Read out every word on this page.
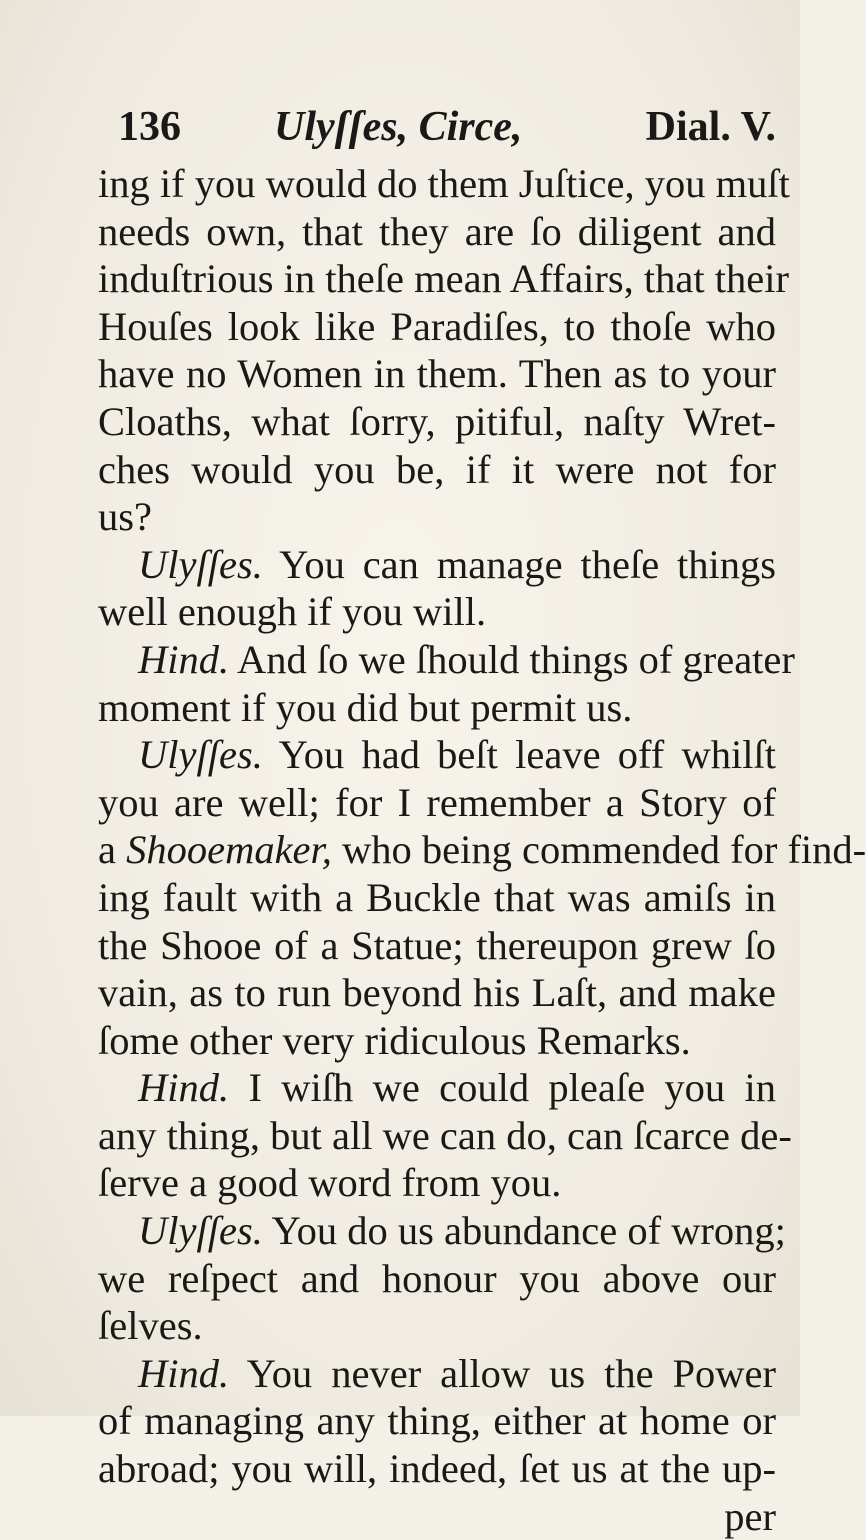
136 Ulyſſes, Circe,	Dial. V.
ing if you would do them Juſtice, you muſt
needs own, that they are ſo diligent and
induſtrious in theſe mean Affairs, that their
Houſes look like Paradiſes, to thoſe who
have no Women in them. Then as to your
Cloaths, what ſorry, pitiful, naſty Wret-
ches would you be, if it were not for
us?
Ulyſſes. You can manage theſe things
well enough if you will.
Hind. And ſo we ſhould things of greater
moment if you did but permit us.
Ulyſſes. You had beſt leave off whilſt
you are well; for I remember a Story of
a Shooemaker, who being commended for find-
ing fault with a Buckle that was amiſs in
the Shooe of a Statue; thereupon grew ſo
vain, as to run beyond his Laſt, and make
ſome other very ridiculous Remarks.
Hind. I wiſh we could pleaſe you in
any thing, but all we can do, can ſcarce de-
ſerve a good word from you.
Ulyſſes. You do us abundance of wrong;
we reſpect and honour you above our
ſelves.
Hind. You never allow us the Power
of managing any thing, either at home or
abroad; you will, indeed, ſet us at the up-
per
